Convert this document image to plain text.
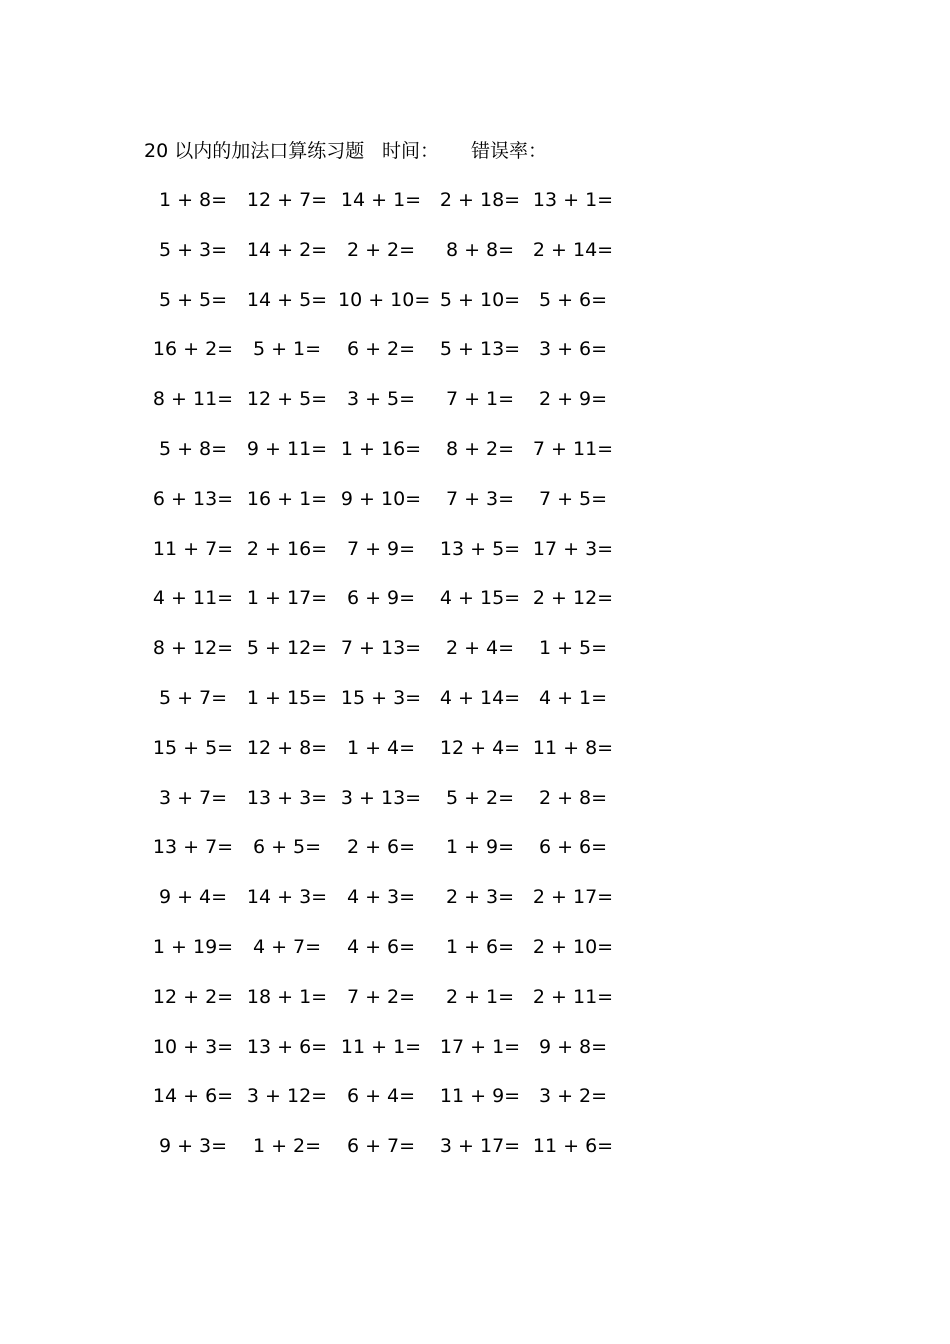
20 以内的加法口算练习题 时间： 错误率：
1 + 8=	12 + 7= 14 + 1= 2 + 18= 13 + 1=
5 + 3=	14 + 2=	2 + 2=	8 + 8= 2 + 14=
5 + 5=	14 + 5= 10 + 10= 5 + 10= 5 + 6=
16 + 2=	5 + 1=	6 + 2=	5 + 13= 3 + 6=
8 + 11= 12 + 5=	3 + 5=	7 + 1=	2 + 9=
5 + 8=	9 + 11= 1 + 16=	8 + 2= 7 + 11=
6 + 13= 16 + 1= 9 + 10=	7 + 3=	7 + 5=
11 + 7= 2 + 16=	7 + 9=	13 + 5= 17 + 3=
4 + 11= 1 + 17=	6 + 9=	4 + 15= 2 + 12=
8 + 12= 5 + 12= 7 + 13=	2 + 4=	1 + 5=
5 + 7=	1 + 15= 15 + 3= 4 + 14= 4 + 1=
15 + 5= 12 + 8=	1 + 4=	12 + 4= 11 + 8=
3 + 7=	13 + 3= 3 + 13=	5 + 2=	2 + 8=
13 + 7=	6 + 5=	2 + 6=	1 + 9=	6 + 6=
9 + 4=	14 + 3=	4 + 3=	2 + 3= 2 + 17=
1 + 19=	4 + 7=	4 + 6=	1 + 6= 2 + 10=
12 + 2= 18 + 1=	7 + 2=	2 + 1= 2 + 11=
10 + 3= 13 + 6= 11 + 1= 17 + 1= 9 + 8=
14 + 6= 3 + 12=	6 + 4=	11 + 9= 3 + 2=
9 + 3=	1 + 2=	6 + 7=	3 + 17= 11 + 6=
